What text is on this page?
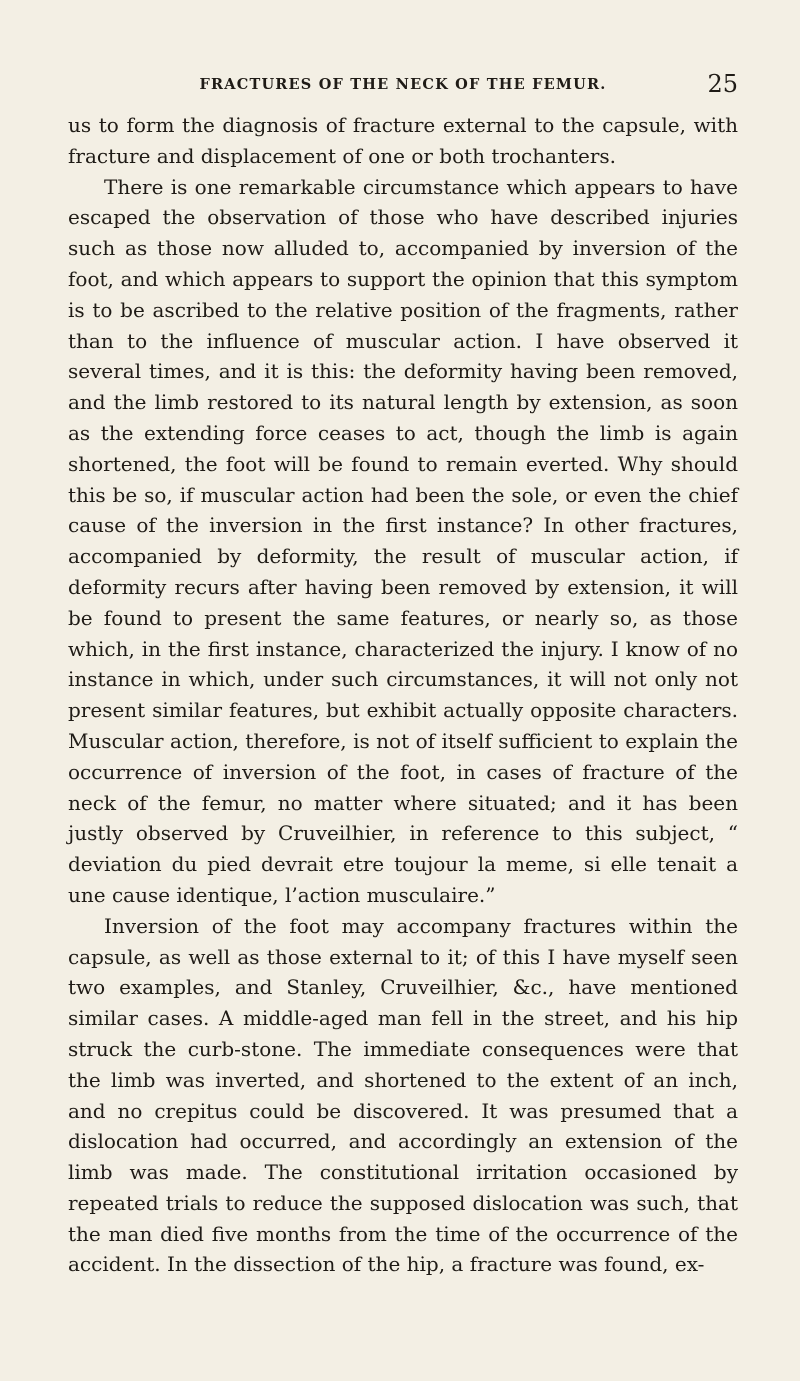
FRACTURES OF THE NECK OF THE FEMUR.	25

us to form the diagnosis of fracture external to the capsule, with fracture and displacement of one or both trochanters.

There is one remarkable circumstance which appears to have escaped the observation of those who have described injuries such as those now alluded to, accompanied by inversion of the foot, and which appears to support the opinion that this symptom is to be ascribed to the relative position of the fragments, rather than to the influence of muscular action. I have observed it several times, and it is this: the deformity having been removed, and the limb restored to its natural length by extension, as soon as the extending force ceases to act, though the limb is again shortened, the foot will be found to remain everted. Why should this be so, if muscular action had been the sole, or even the chief cause of the inversion in the first instance? In other fractures, accompanied by deformity, the result of muscular action, if deformity recurs after having been removed by extension, it will be found to present the same features, or nearly so, as those which, in the first instance, characterized the injury. I know of no instance in which, under such circumstances, it will not only not present similar features, but exhibit actually opposite characters. Muscular action, therefore, is not of itself sufficient to explain the occurrence of inversion of the foot, in cases of fracture of the neck of the femur, no matter where situated; and it has been justly observed by Cruveilhier, in reference to this subject, “ deviation du pied devrait etre toujour la meme, si elle tenait a une cause identique, l’action musculaire.”

Inversion of the foot may accompany fractures within the capsule, as well as those external to it; of this I have myself seen two examples, and Stanley, Cruveilhier, &c., have mentioned similar cases. A middle-aged man fell in the street, and his hip struck the curb-stone. The immediate consequences were that the limb was inverted, and shortened to the extent of an inch, and no crepitus could be discovered. It was presumed that a dislocation had occurred, and accordingly an extension of the limb was made. The constitutional irritation occasioned by repeated trials to reduce the supposed dislocation was such, that the man died five months from the time of the occurrence of the accident. In the dissection of the hip, a fracture was found, ex-
